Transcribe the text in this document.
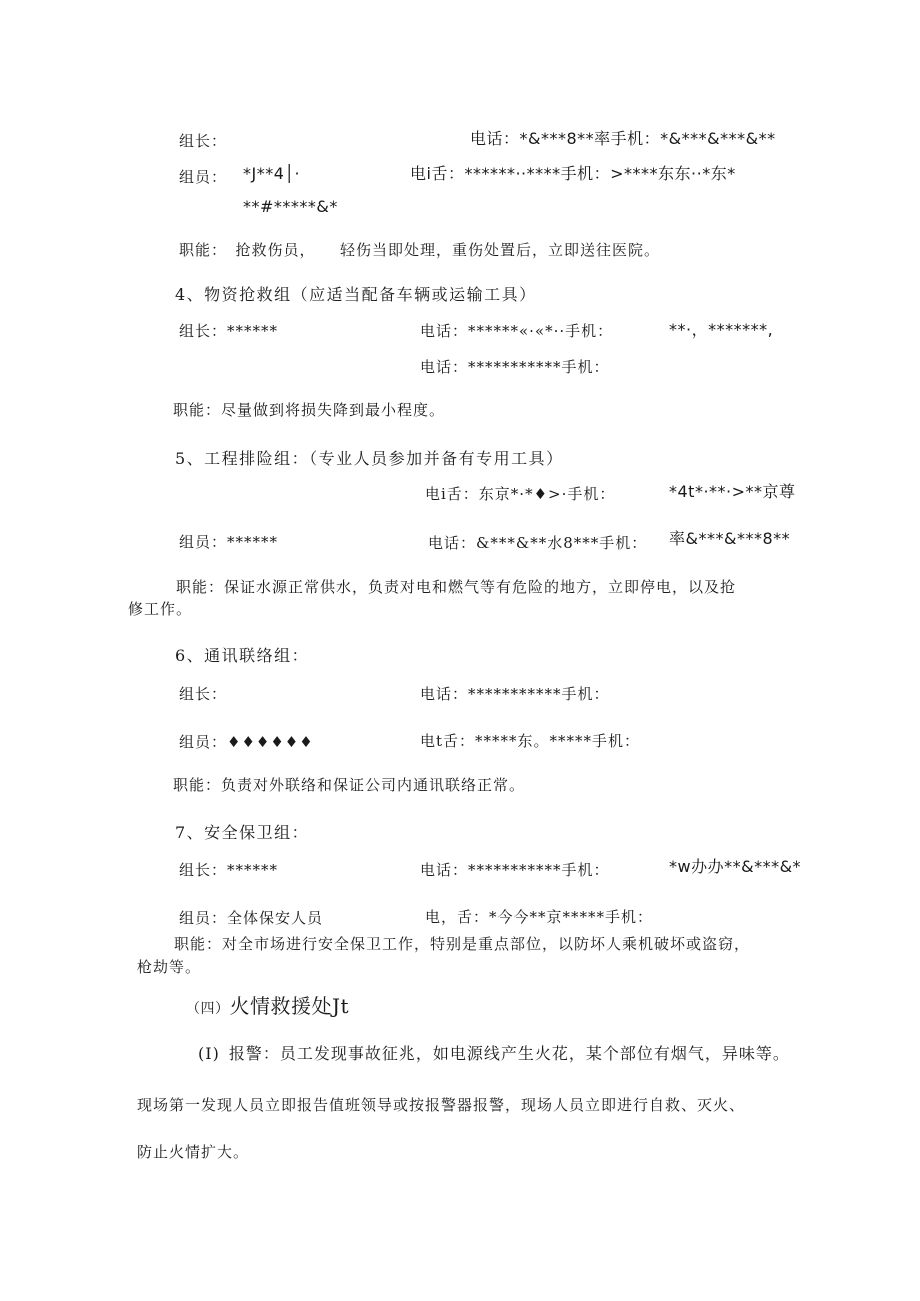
组长：	电话：*&***8**率手机：*&***&***&**
组员： *J**4│·	电i舌：******··****手机：>****东东··*东*
**#*****&*
职能：　抢救伤员，　　轻伤当即处理，重伤处置后，立即送往医院。
4、物资抢救组（应适当配备车辆或运输工具）
组长：******	电话：******«·«*··手机：	**·，*******,
电话：***********手机：
职能：尽量做到将损失降到最小程度。
5、工程排险组：（专业人员参加并备有专用工具）
电i舌：东京*·*♦>·手机：	*4t*·**·>**京尊
组员：******	电话：&***&**水8***手机： 率&***&***8**
职能：保证水源正常供水，负责对电和燃气等有危险的地方，立即停电，以及抢
修工作。
6、通讯联络组：
组长：	电话：***********手机：
组员：♦♦♦♦♦♦	电t舌：*****东。*****手机：
职能：负责对外联络和保证公司内通讯联络正常。
7、安全保卫组：
组长：******	电话：***********手机：	*w办办**&***&*
组员：全体保安人员	电，舌：*今今**京*****手机：
职能：对全市场进行安全保卫工作，特别是重点部位，以防坏人乘机破坏或盗窃，
枪劫等。
（四）火情救援处Jt
(I)  报警：员工发现事故征兆，如电源线产生火花，某个部位有烟气，异味等。
现场第一发现人员立即报告值班领导或按报警器报警，现场人员立即进行自救、灭火、
防止火情扩大。
